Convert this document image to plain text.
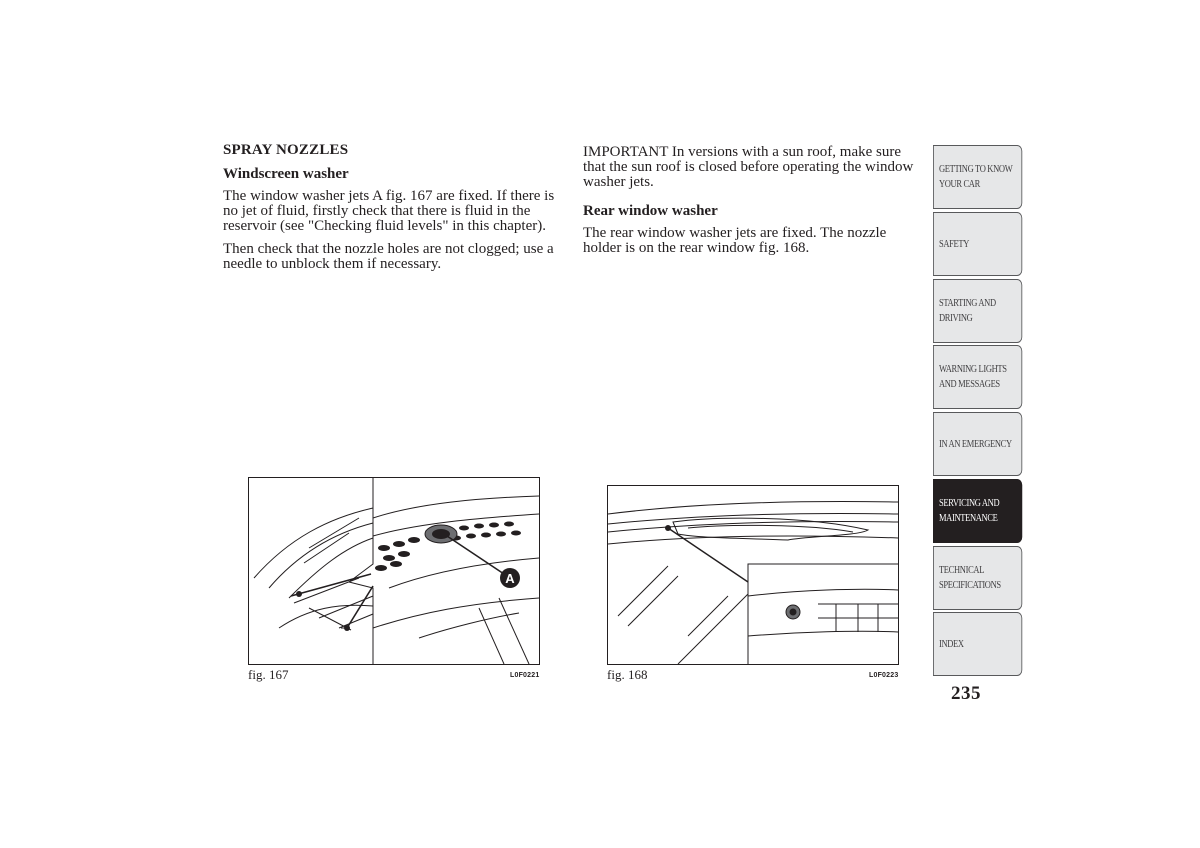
SPRAY NOZZLES
Windscreen washer

The window washer jets A fig. 167 are fixed. If there is no jet of fluid, firstly check that there is fluid in the reservoir (see "Checking fluid levels" in this chapter).

Then check that the nozzle holes are not clogged; use a needle to unblock them if necessary.

IMPORTANT In versions with a sun roof, make sure that the sun roof is closed before operating the window washer jets.

Rear window washer

The rear window washer jets are fixed. The nozzle holder is on the rear window fig. 168.

A
fig. 167	L0F0221	fig. 168	L0F0223
GETTING TO KNOW
YOUR CAR
SAFETY
STARTING AND
DRIVING
WARNING LIGHTS
AND MESSAGES
IN AN EMERGENCY
SERVICING AND
MAINTENANCE
TECHNICAL
SPECIFICATIONS
INDEX
235
